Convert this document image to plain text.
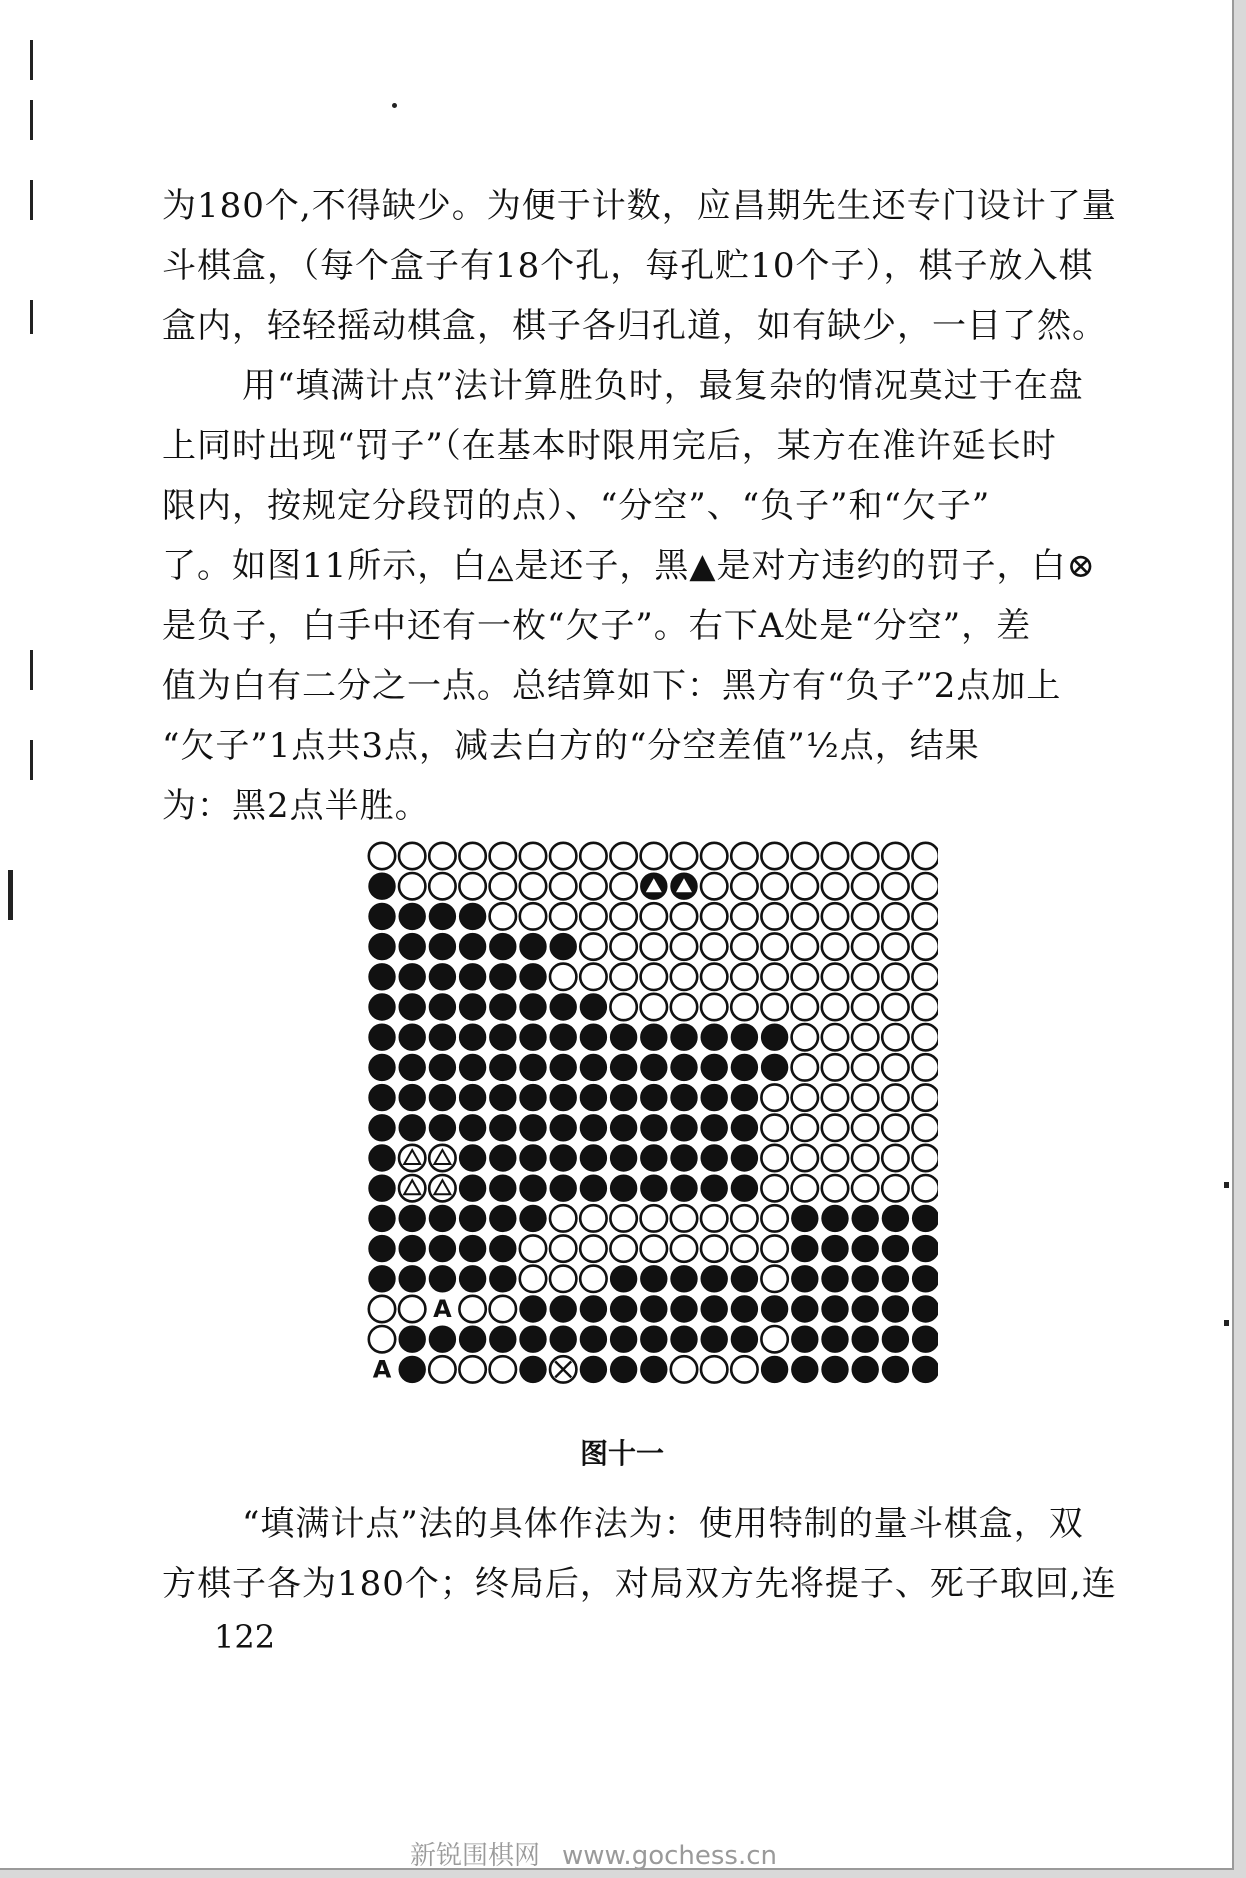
为180个,不得缺少。为便于计数，应昌期先生还专门设计了量

斗棋盒，（每个盒子有18个孔，每孔贮10个子），棋子放入棋

盒内，轻轻摇动棋盒，棋子各归孔道，如有缺少，一目了然。

用“填满计点”法计算胜负时，最复杂的情况莫过于在盘

上同时出现“罚子”（在基本时限用完后，某方在准许延长时

限内，按规定分段罚的点）、“分空”、“负子”和“欠子”

了。如图11所示，白◬是还子，黑▲是对方违约的罚子，白⊗

是负子，白手中还有一枚“欠子”。右下A处是“分空”，差

值为白有二分之一点。总结算如下：黑方有“负子”2点加上

“欠子”1点共3点，减去白方的“分空差值”½点，结果

为：黑2点半胜。

A
A
图十一

“填满计点”法的具体作法为：使用特制的量斗棋盒，双

方棋子各为180个；终局后，对局双方先将提子、死子取回,连

122
新锐围棋网 www.gochess.cn
